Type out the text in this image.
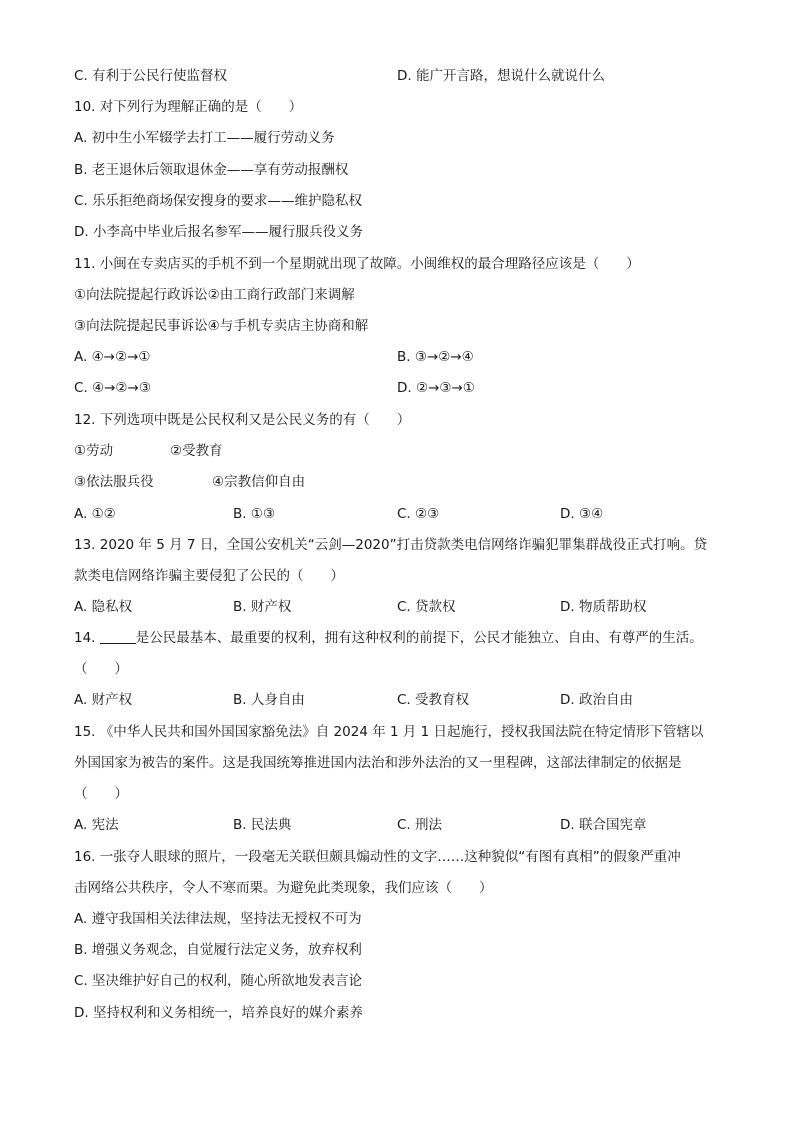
C. 有利于公民行使监督权	D. 能广开言路，想说什么就说什么
10. 对下列行为理解正确的是（　　）
A. 初中生小军辍学去打工——履行劳动义务
B. 老王退休后领取退休金——享有劳动报酬权
C. 乐乐拒绝商场保安搜身的要求——维护隐私权
D. 小李高中毕业后报名参军——履行服兵役义务
11. 小闽在专卖店买的手机不到一个星期就出现了故障。小闽维权的最合理路径应该是（　　）
①向法院提起行政诉讼②由工商行政部门来调解
③向法院提起民事诉讼④与手机专卖店主协商和解
A. ④→②→①	B. ③→②→④
C. ④→②→③	D. ②→③→①
12. 下列选项中既是公民权利又是公民义务的有（　　）
①劳动	②受教育
③依法服兵役	④宗教信仰自由
A. ①②	B. ①③	C. ②③	D. ③④
13. 2020 年 5 月 7 日，全国公安机关“云剑—2020”打击贷款类电信网络诈骗犯罪集群战役正式打响。贷
款类电信网络诈骗主要侵犯了公民的（　　）
A. 隐私权	B. 财产权	C. 贷款权	D. 物质帮助权
14.	是公民最基本、最重要的权利，拥有这种权利的前提下，公民才能独立、自由、有尊严的生活。
（　　）
A. 财产权	B. 人身自由	C. 受教育权	D. 政治自由
15. 《中华人民共和国外国国家豁免法》自 2024 年 1 月 1 日起施行，授权我国法院在特定情形下管辖以
外国国家为被告的案件。这是我国统筹推进国内法治和涉外法治的又一里程碑，这部法律制定的依据是
（　　）
A. 宪法	B. 民法典	C. 刑法	D. 联合国宪章
16. 一张夺人眼球的照片，一段毫无关联但颇具煽动性的文字……这种貌似“有图有真相”的假象严重冲
击网络公共秩序，令人不寒而栗。为避免此类现象，我们应该（　　）
A. 遵守我国相关法律法规，坚持法无授权不可为
B. 增强义务观念，自觉履行法定义务，放弃权利
C. 坚决维护好自己的权利，随心所欲地发表言论
D. 坚持权利和义务相统一，培养良好的媒介素养
